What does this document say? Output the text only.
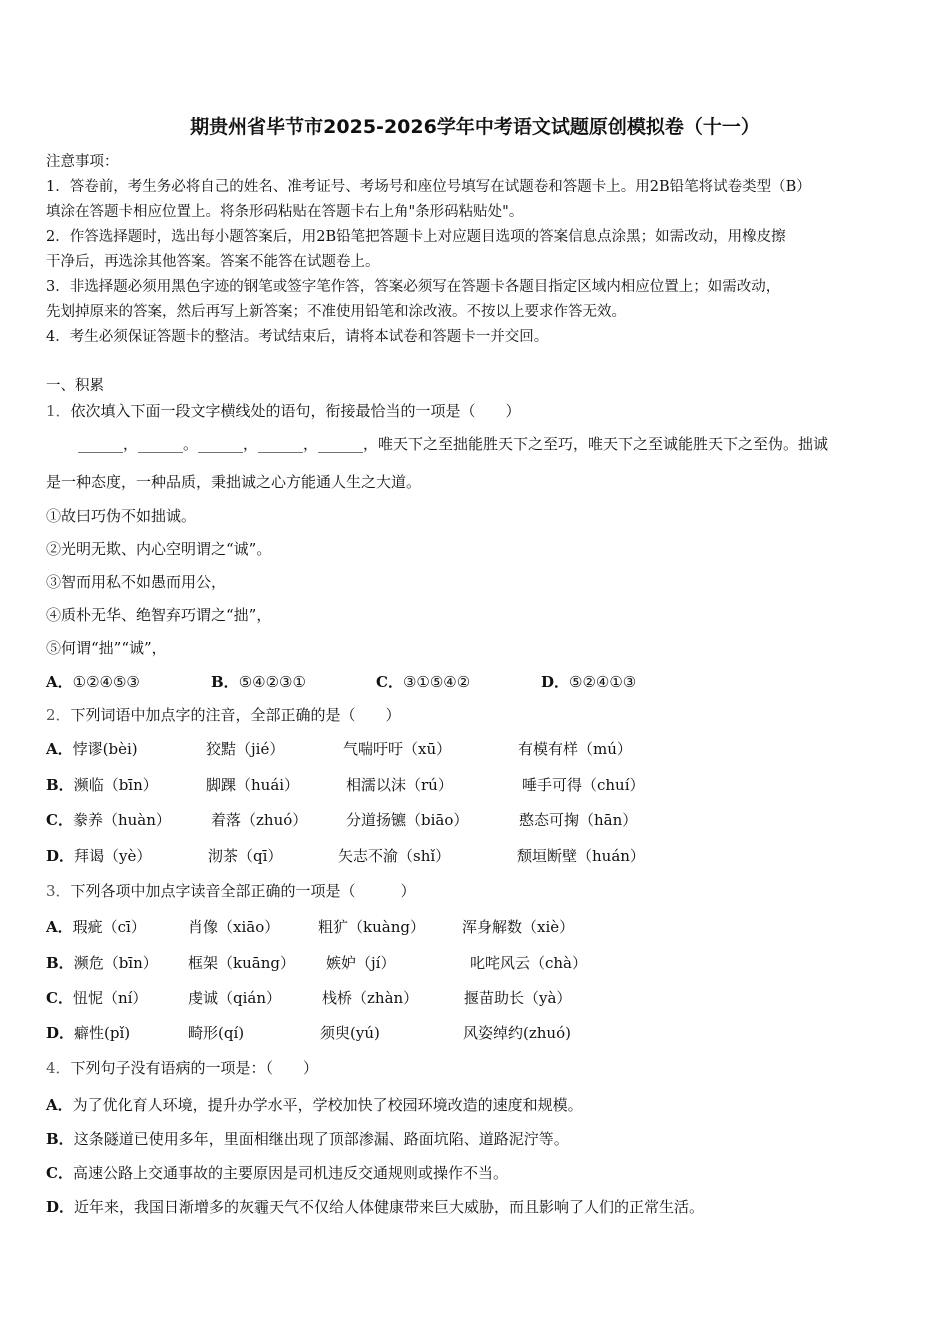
期贵州省毕节市2025-2026学年中考语文试题原创模拟卷（十一）
注意事项：
1．答卷前，考生务必将自己的姓名、准考证号、考场号和座位号填写在试题卷和答题卡上。用2B铅笔将试卷类型（B）
填涂在答题卡相应位置上。将条形码粘贴在答题卡右上角"条形码粘贴处"。
2．作答选择题时，选出每小题答案后，用2B铅笔把答题卡上对应题目选项的答案信息点涂黑；如需改动，用橡皮擦
干净后，再选涂其他答案。答案不能答在试题卷上。
3．非选择题必须用黑色字迹的钢笔或签字笔作答，答案必须写在答题卡各题目指定区域内相应位置上；如需改动，
先划掉原来的答案，然后再写上新答案；不准使用铅笔和涂改液。不按以上要求作答无效。
4．考生必须保证答题卡的整洁。考试结束后，请将本试卷和答题卡一并交回。
一、积累
1．依次填入下面一段文字横线处的语句，衔接最恰当的一项是（　　）
______，______。______，______，______，唯天下之至拙能胜天下之至巧，唯天下之至诚能胜天下之至伪。拙诚
是一种态度，一种品质，秉拙诚之心方能通人生之大道。
①故曰巧伪不如拙诚。
②光明无欺、内心空明谓之“诚”。
③智而用私不如愚而用公，
④质朴无华、绝智弃巧谓之“拙”，
⑤何谓“拙”“诚”，
A．①②④⑤③	B．⑤④②③①	C．③①⑤④②	D．⑤②④①③
2．下列词语中加点字的注音，全部正确的是（　　）
A．悖谬(bèi)	狡黠（jié）	气喘吁吁（xū）	有模有样（mú）
B．濒临（bīn）	脚踝（huái）	相濡以沫（rú）	唾手可得（chuí）
C．豢养（huàn）	着落（zhuó）	分道扬镳（biāo）	憨态可掬（hān）
D．拜谒（yè）	沏茶（qī）	矢志不渝（shǐ）	颓垣断壁（huán）
3．下列各项中加点字读音全部正确的一项是（　　　）
A．瑕疵（cī）	肖像（xiāo）	粗犷（kuàng） 浑身解数（xiè）
B．濒危（bīn） 框架（kuāng） 嫉妒（jí）	叱咤风云（chà）
C．忸怩（ní）	虔诚（qián）	栈桥（zhàn）	揠苗助长（yà）
D．癖性(pǐ)	畸形(qí)	须臾(yú)	风姿绰约(zhuó)
4．下列句子没有语病的一项是：（　　）
A．为了优化育人环境，提升办学水平，学校加快了校园环境改造的速度和规模。
B．这条隧道已使用多年，里面相继出现了顶部渗漏、路面坑陷、道路泥泞等。
C．高速公路上交通事故的主要原因是司机违反交通规则或操作不当。
D．近年来，我国日渐增多的灰霾天气不仅给人体健康带来巨大威胁，而且影响了人们的正常生活。
